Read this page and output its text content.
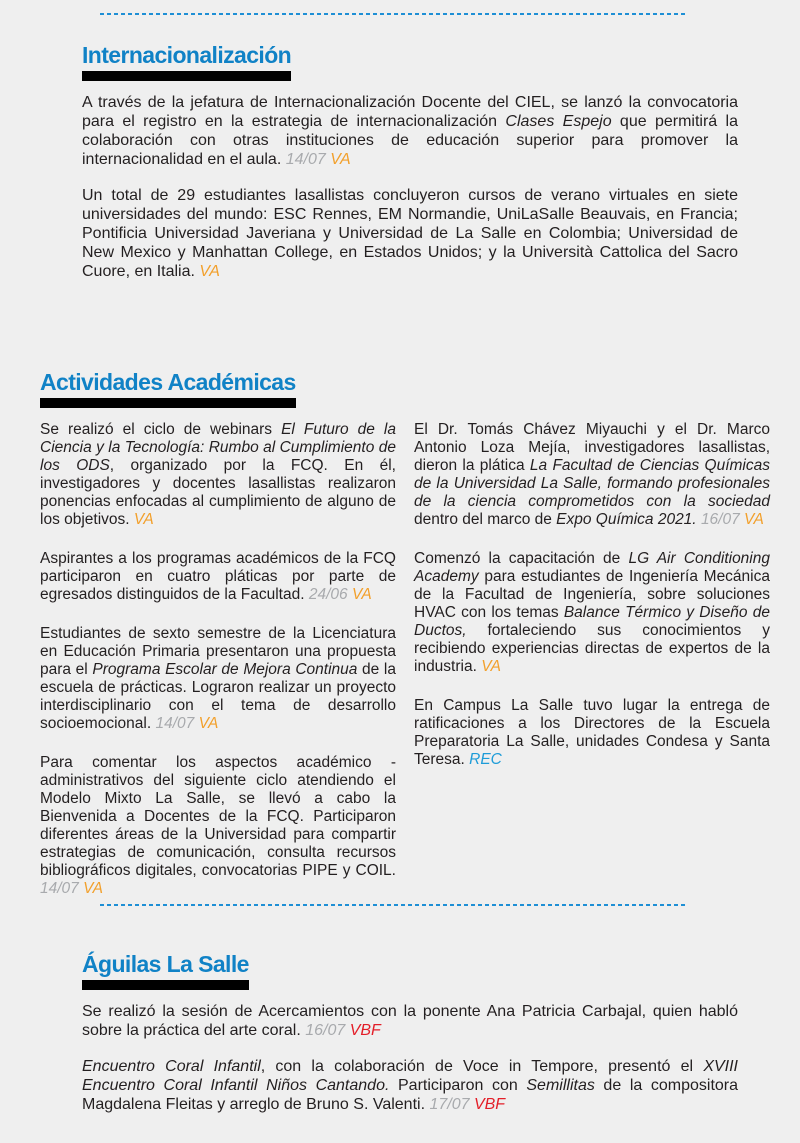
Internacionalización

A través de la jefatura de Internacionalización Docente del CIEL, se lanzó la convocatoria para el registro en la estrategia de internacionalización Clases Espejo que permitirá la colaboración con otras instituciones de educación superior para promover la internacionalidad en el aula. 14/07 VA

Un total de 29 estudiantes lasallistas concluyeron cursos de verano virtuales en siete universidades del mundo: ESC Rennes, EM Normandie, UniLaSalle Beauvais, en Francia; Pontificia Universidad Javeriana y Universidad de La Salle en Colombia; Universidad de New Mexico y Manhattan College, en Estados Unidos; y la Università Cattolica del Sacro Cuore, en Italia. VA

Actividades Académicas

Se realizó el ciclo de webinars El Futuro de la Ciencia y la Tecnología: Rumbo al Cumplimiento de los ODS, organizado por la FCQ. En él, investigadores y docentes lasallistas realizaron ponencias enfocadas al cumplimiento de alguno de los objetivos. VA

Aspirantes a los programas académicos de la FCQ participaron en cuatro pláticas por parte de egresados distinguidos de la Facultad. 24/06 VA

Estudiantes de sexto semestre de la Licenciatura en Educación Primaria presentaron una propuesta para el Programa Escolar de Mejora Continua de la escuela de prácticas. Lograron realizar un proyecto interdisciplinario con el tema de desarrollo socioemocional. 14/07 VA

Para comentar los aspectos académico - administrativos del siguiente ciclo atendiendo el Modelo Mixto La Salle, se llevó a cabo la Bienvenida a Docentes de la FCQ. Participaron diferentes áreas de la Universidad para compartir estrategias de comunicación, consulta recursos bibliográficos digitales, convocatorias PIPE y COIL. 14/07 VA

El Dr. Tomás Chávez Miyauchi y el Dr. Marco Antonio Loza Mejía, investigadores lasallistas, dieron la plática La Facultad de Ciencias Químicas de la Universidad La Salle, formando profesionales de la ciencia comprometidos con la sociedad dentro del marco de Expo Química 2021. 16/07 VA

Comenzó la capacitación de LG Air Conditioning Academy para estudiantes de Ingeniería Mecánica de la Facultad de Ingeniería, sobre soluciones HVAC con los temas Balance Térmico y Diseño de Ductos, fortaleciendo sus conocimientos y recibiendo experiencias directas de expertos de la industria. VA

En Campus La Salle tuvo lugar la entrega de ratificaciones a los Directores de la Escuela Preparatoria La Salle, unidades Condesa y Santa Teresa. REC

Águilas La Salle

Se realizó la sesión de Acercamientos con la ponente Ana Patricia Carbajal, quien habló sobre la práctica del arte coral. 16/07 VBF

Encuentro Coral Infantil, con la colaboración de Voce in Tempore, presentó el XVIII Encuentro Coral Infantil Niños Cantando. Participaron con Semillitas de la compositora Magdalena Fleitas y arreglo de Bruno S. Valenti. 17/07 VBF
